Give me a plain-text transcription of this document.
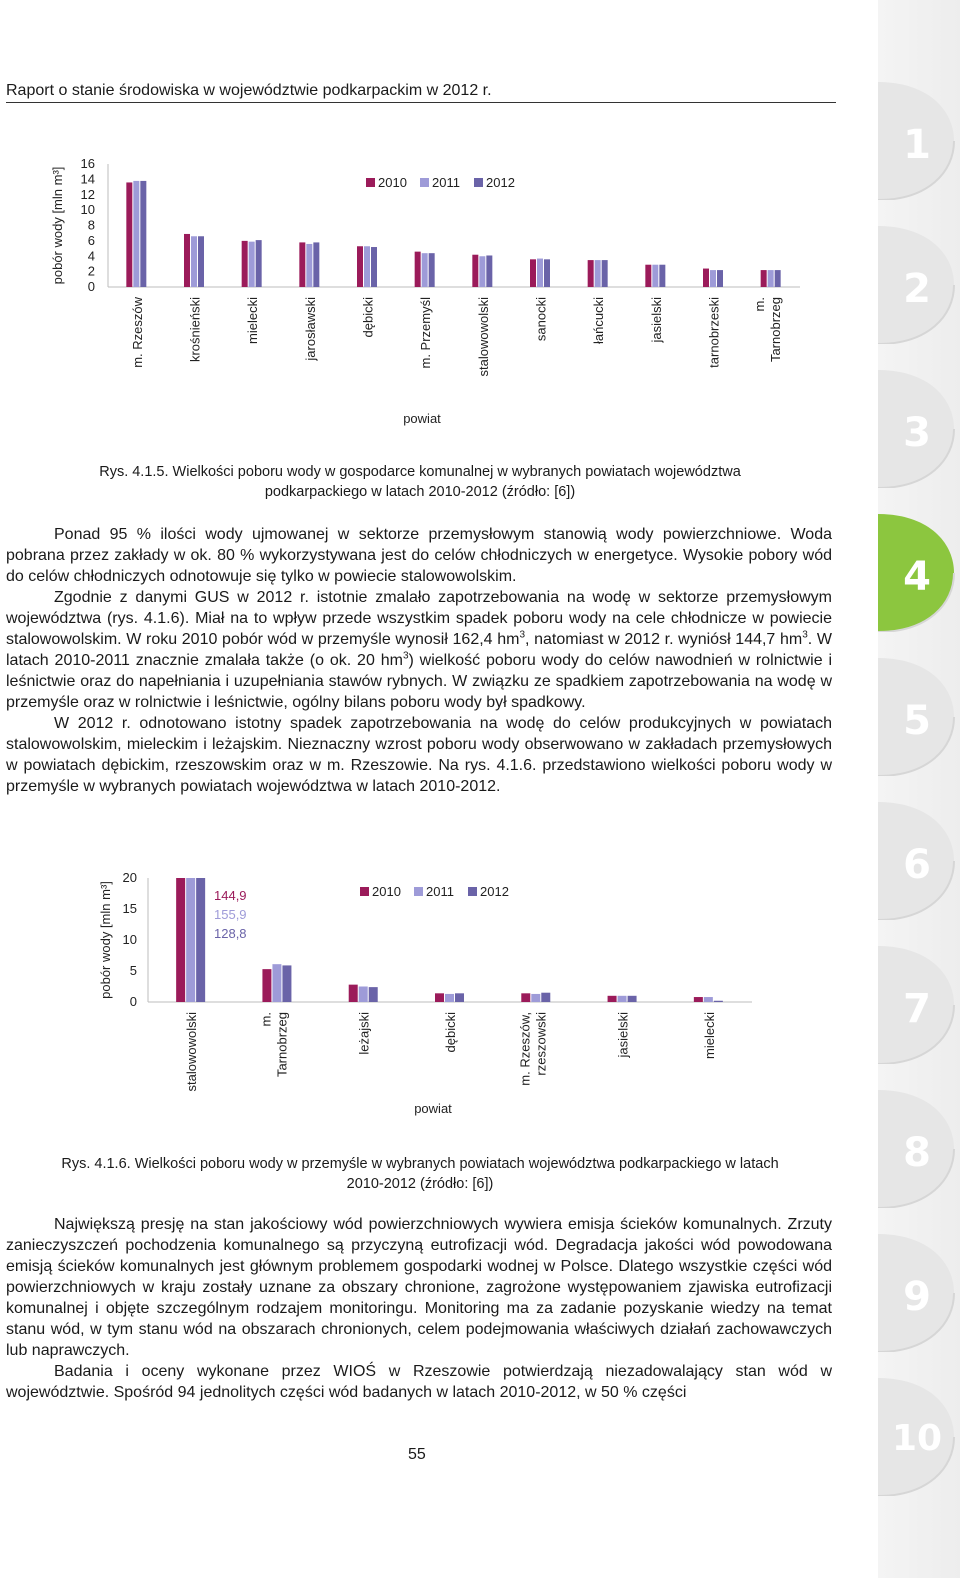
Raport o stanie środowiska w województwie podkarpackim w 2012 r.
16
14
12
10
8
6
4
2
0
pobór wody [mln m³]
m. Rzeszów	krośnieński	mielecki	jarosławski	dębicki	m. Przemyśl	stalowowolski	sanocki	łańcucki	jasielski	tarnobrzeski m.Tarnobrzeg
2010 2011 2012
powiat
Rys. 4.1.5. Wielkości poboru wody w gospodarce komunalnej w wybranych powiatach województwa
podkarpackiego w latach 2010-2012 (źródło: [6])

Ponad 95 % ilości wody ujmowanej w sektorze przemysłowym stanowią wody powierzchniowe. Woda pobrana przez zakłady w ok. 80 % wykorzystywana jest do celów chłodniczych w energetyce. Wysokie pobory wód do celów chłodniczych odnotowuje się tylko w powiecie stalowowolskim.

Zgodnie z danymi GUS w 2012 r. istotnie zmalało zapotrzebowania na wodę w sektorze przemysłowym województwa (rys. 4.1.6). Miał na to wpływ przede wszystkim spadek poboru wody na cele chłodnicze w powiecie stalowowolskim. W roku 2010 pobór wód w przemyśle wynosił 162,4 $hm^3$, natomiast w 2012 r. wyniósł 144,7 $hm^3$. W latach 2010-2011 znacznie zmalała także (o ok. 20 $hm^3$) wielkość poboru wody do celów nawodnień w rolnictwie i leśnictwie oraz do napełniania i uzupełniania stawów rybnych. W związku ze spadkiem zapotrzebowania na wodę w przemyśle oraz w rolnictwie i leśnictwie, ogólny bilans poboru wody był spadkowy.

W 2012 r. odnotowano istotny spadek zapotrzebowania na wodę do celów produkcyjnych w powiatach stalowowolskim, mieleckim i leżajskim. Nieznaczny wzrost poboru wody obserwowano w zakładach przemysłowych w powiatach dębickim, rzeszowskim oraz w m. Rzeszowie. Na rys. 4.1.6. przedstawiono wielkości poboru wody w przemyśle w wybranych powiatach województwa w latach 2010-2012.

20
15
10
5
0
pobór wody [mln m³]
stalowowolski	m.Tarnobrzeg	leżajski	dębicki	m. Rzeszów,rzeszowski	jasielski	mielecki
2010 2011 2012
powiat
144,9
155,9
128,8
Rys. 4.1.6. Wielkości poboru wody w przemyśle w wybranych powiatach województwa podkarpackiego w latach
2010-2012 (źródło: [6])

Największą presję na stan jakościowy wód powierzchniowych wywiera emisja ścieków komunalnych. Zrzuty zanieczyszczeń pochodzenia komunalnego są przyczyną eutrofizacji wód. Degradacja jakości wód powodowana emisją ścieków komunalnych jest głównym problemem gospodarki wodnej w Polsce. Dlatego wszystkie części wód powierzchniowych w kraju zostały uznane za obszary chronione, zagrożone występowaniem zjawiska eutrofizacji komunalnej i objęte szczególnym rodzajem monitoringu. Monitoring ma za zadanie pozyskanie wiedzy na temat stanu wód, w tym stanu wód na obszarach chronionych, celem podejmowania właściwych działań zachowawczych lub naprawczych.

Badania i oceny wykonane przez WIOŚ w Rzeszowie potwierdzają niezadowalający stan wód w województwie. Spośród 94 jednolitych części wód badanych w latach 2010-2012, w 50 % części

55
1
2
3
4
5
6
7
8
9
10
